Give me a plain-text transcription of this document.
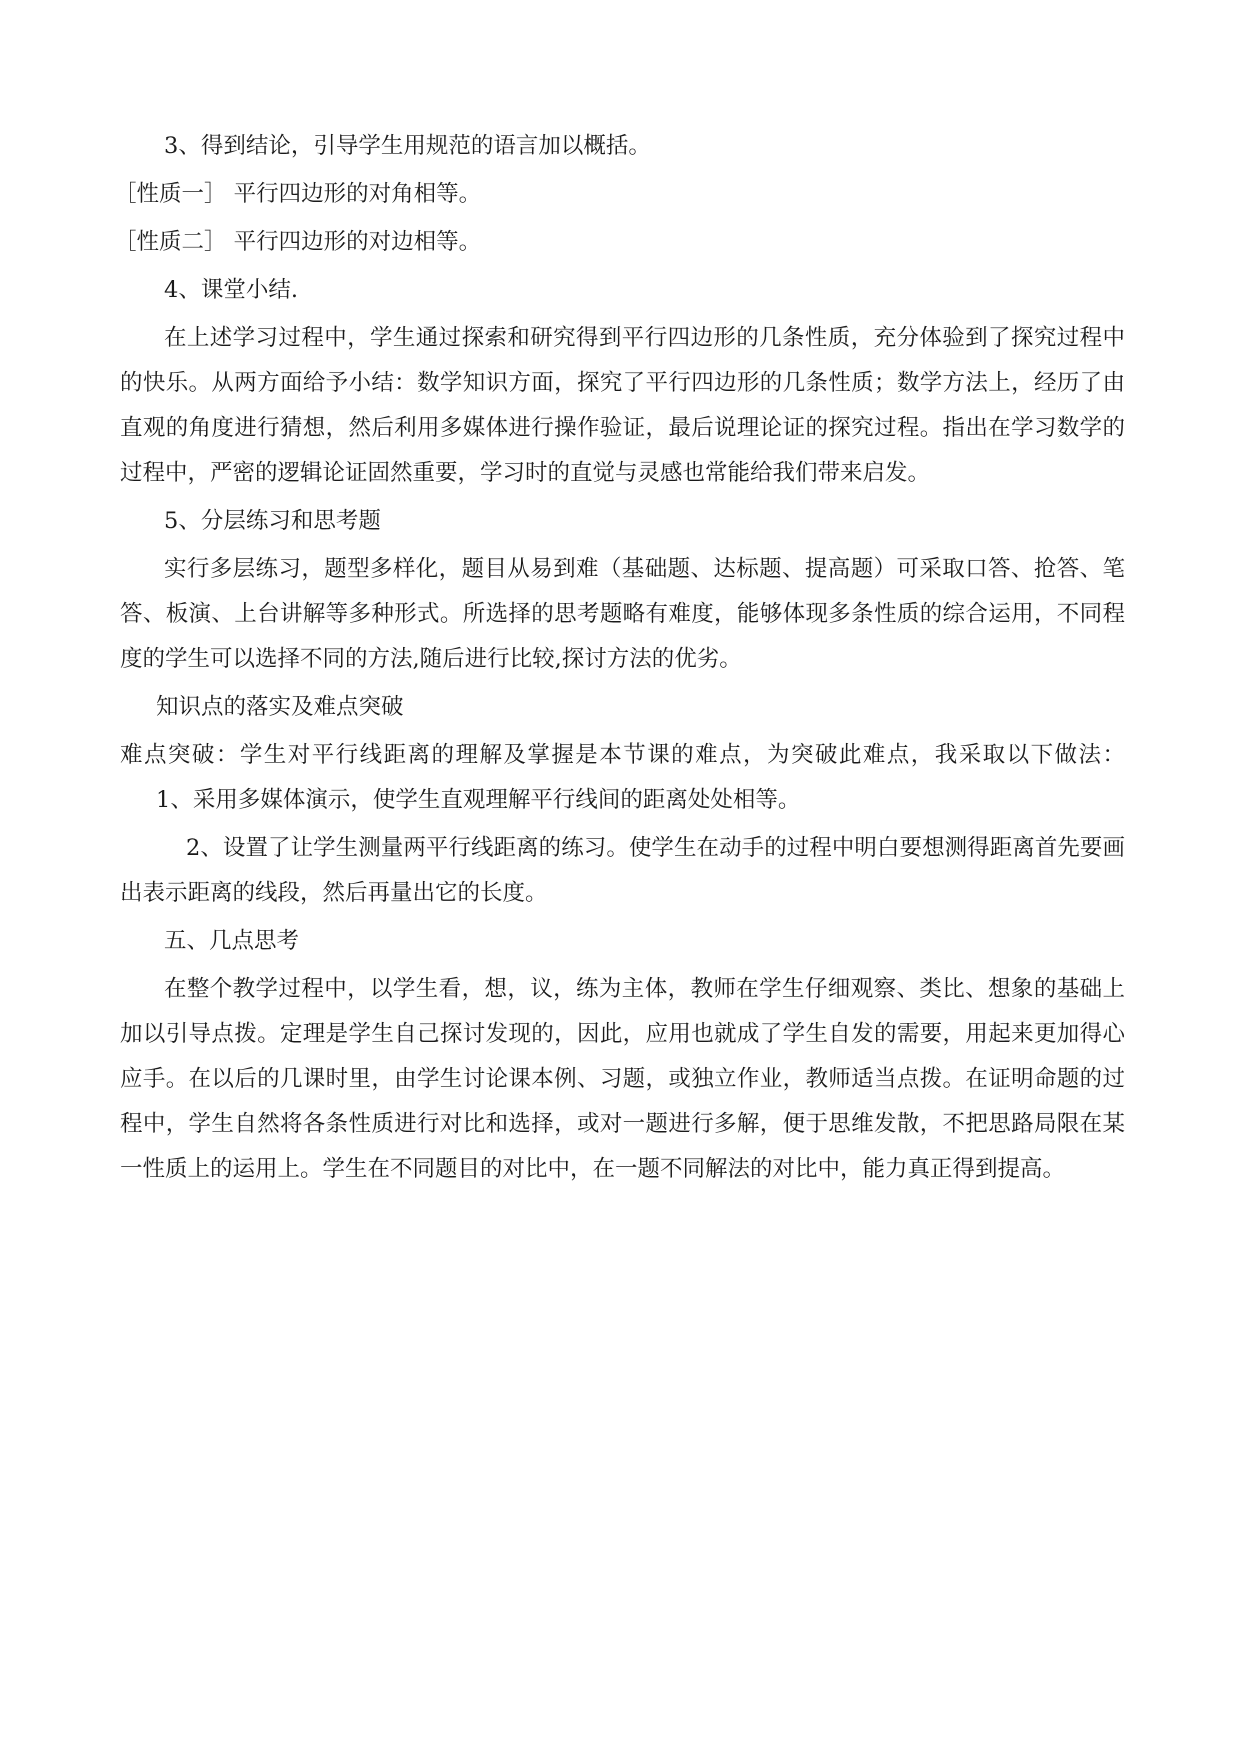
3、得到结论，引导学生用规范的语言加以概括。

［性质一］ 平行四边形的对角相等。

［性质二］ 平行四边形的对边相等。

4、课堂小结.

在上述学习过程中，学生通过探索和研究得到平行四边形的几条性质，充分体验到了探究过程中的快乐。从两方面给予小结：数学知识方面，探究了平行四边形的几条性质；数学方法上，经历了由直观的角度进行猜想，然后利用多媒体进行操作验证，最后说理论证的探究过程。指出在学习数学的过程中，严密的逻辑论证固然重要，学习时的直觉与灵感也常能给我们带来启发。

5、分层练习和思考题

实行多层练习，题型多样化，题目从易到难（基础题、达标题、提高题）可采取口答、抢答、笔答、板演、上台讲解等多种形式。所选择的思考题略有难度，能够体现多条性质的综合运用，不同程度的学生可以选择不同的方法,随后进行比较,探讨方法的优劣。

知识点的落实及难点突破

难点突破：学生对平行线距离的理解及掌握是本节课的难点，为突破此难点，我采取以下做法：1、采用多媒体演示，使学生直观理解平行线间的距离处处相等。

2、设置了让学生测量两平行线距离的练习。使学生在动手的过程中明白要想测得距离首先要画出表示距离的线段，然后再量出它的长度。

五、几点思考

在整个教学过程中，以学生看，想，议，练为主体，教师在学生仔细观察、类比、想象的基础上加以引导点拨。定理是学生自己探讨发现的，因此，应用也就成了学生自发的需要，用起来更加得心应手。在以后的几课时里，由学生讨论课本例、习题，或独立作业，教师适当点拨。在证明命题的过程中，学生自然将各条性质进行对比和选择，或对一题进行多解，便于思维发散，不把思路局限在某一性质上的运用上。学生在不同题目的对比中，在一题不同解法的对比中，能力真正得到提高。
